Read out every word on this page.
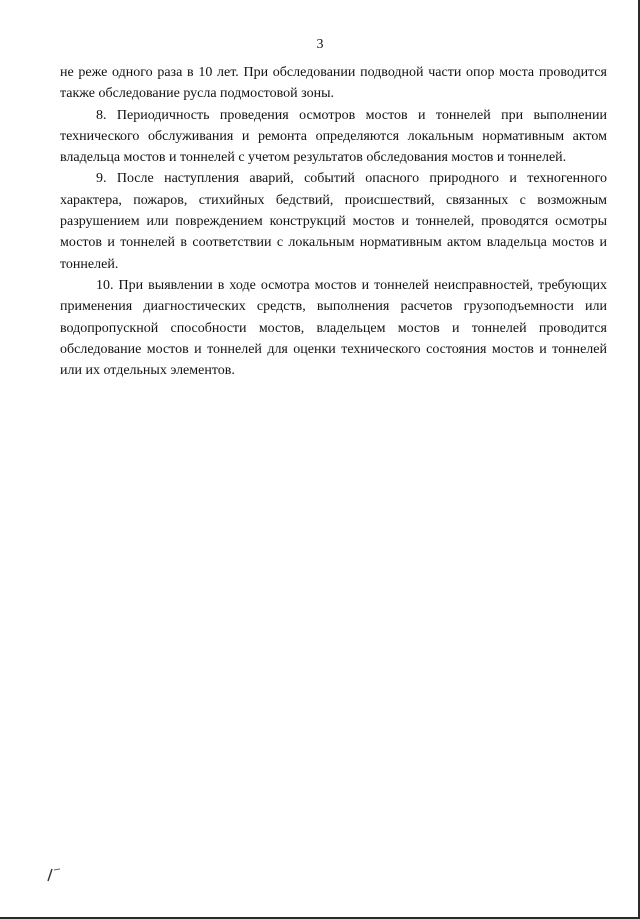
3

не реже одного раза в 10 лет. При обследовании подводной части опор моста проводится также обследование русла подмостовой зоны.

8. Периодичность проведения осмотров мостов и тоннелей при выполнении технического обслуживания и ремонта определяются локальным нормативным актом владельца мостов и тоннелей с учетом результатов обследования мостов и тоннелей.

9. После наступления аварий, событий опасного природного и техногенного характера, пожаров, стихийных бедствий, происшествий, связанных с возможным разрушением или повреждением конструкций мостов и тоннелей, проводятся осмотры мостов и тоннелей в соответствии с локальным нормативным актом владельца мостов и тоннелей.

10. При выявлении в ходе осмотра мостов и тоннелей неисправностей, требующих применения диагностических средств, выполнения расчетов грузоподъемности или водопропускной способности мостов, владельцем мостов и тоннелей проводится обследование мостов и тоннелей для оценки технического состояния мостов и тоннелей или их отдельных элементов.
